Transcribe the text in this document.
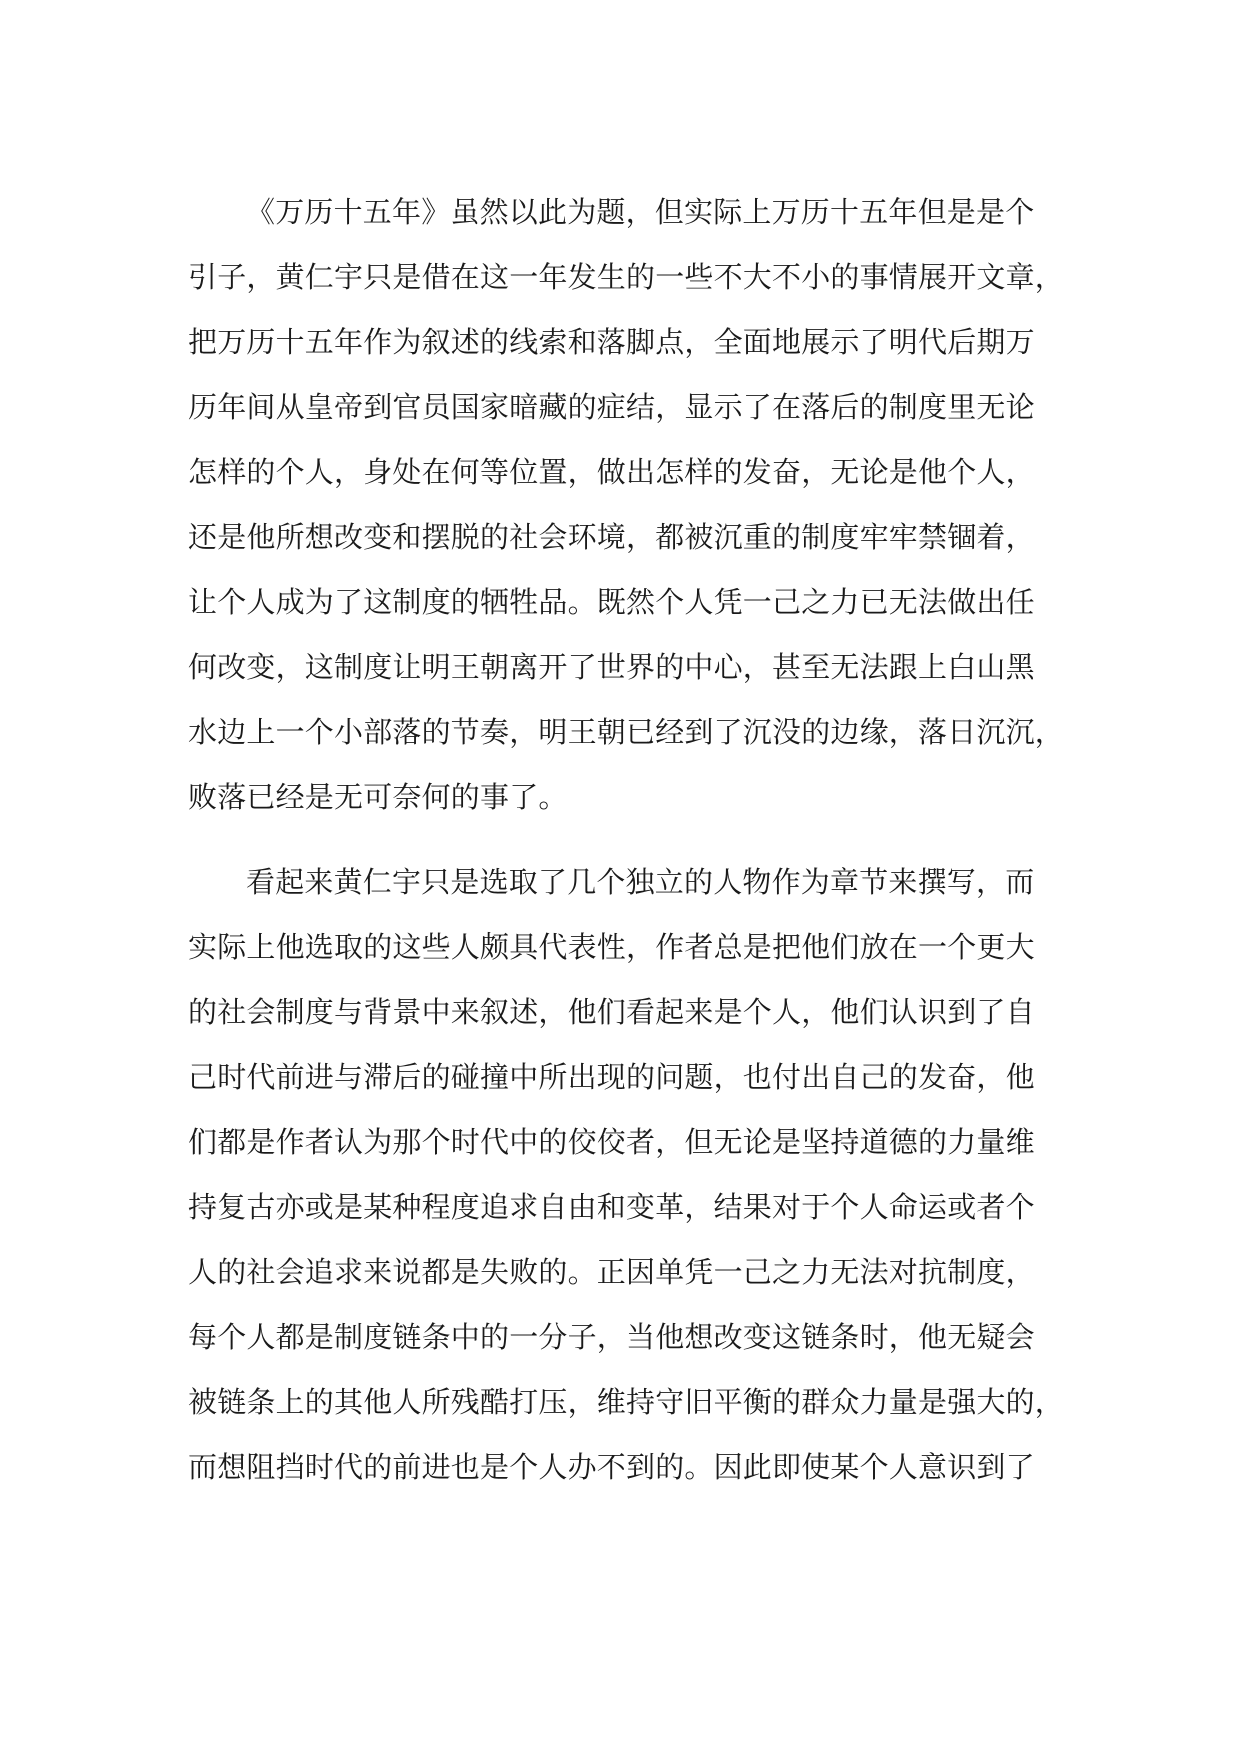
《万历十五年》虽然以此为题，但实际上万历十五年但是是个
引子，黄仁宇只是借在这一年发生的一些不大不小的事情展开文章，
把万历十五年作为叙述的线索和落脚点，全面地展示了明代后期万
历年间从皇帝到官员国家暗藏的症结，显示了在落后的制度里无论
怎样的个人，身处在何等位置，做出怎样的发奋，无论是他个人，
还是他所想改变和摆脱的社会环境，都被沉重的制度牢牢禁锢着，
让个人成为了这制度的牺牲品。既然个人凭一己之力已无法做出任
何改变，这制度让明王朝离开了世界的中心，甚至无法跟上白山黑
水边上一个小部落的节奏，明王朝已经到了沉没的边缘，落日沉沉，
败落已经是无可奈何的事了。
看起来黄仁宇只是选取了几个独立的人物作为章节来撰写，而
实际上他选取的这些人颇具代表性，作者总是把他们放在一个更大
的社会制度与背景中来叙述，他们看起来是个人，他们认识到了自
己时代前进与滞后的碰撞中所出现的问题，也付出自己的发奋，他
们都是作者认为那个时代中的佼佼者，但无论是坚持道德的力量维
持复古亦或是某种程度追求自由和变革，结果对于个人命运或者个
人的社会追求来说都是失败的。正因单凭一己之力无法对抗制度，
每个人都是制度链条中的一分子，当他想改变这链条时，他无疑会
被链条上的其他人所残酷打压，维持守旧平衡的群众力量是强大的，
而想阻挡时代的前进也是个人办不到的。因此即使某个人意识到了
